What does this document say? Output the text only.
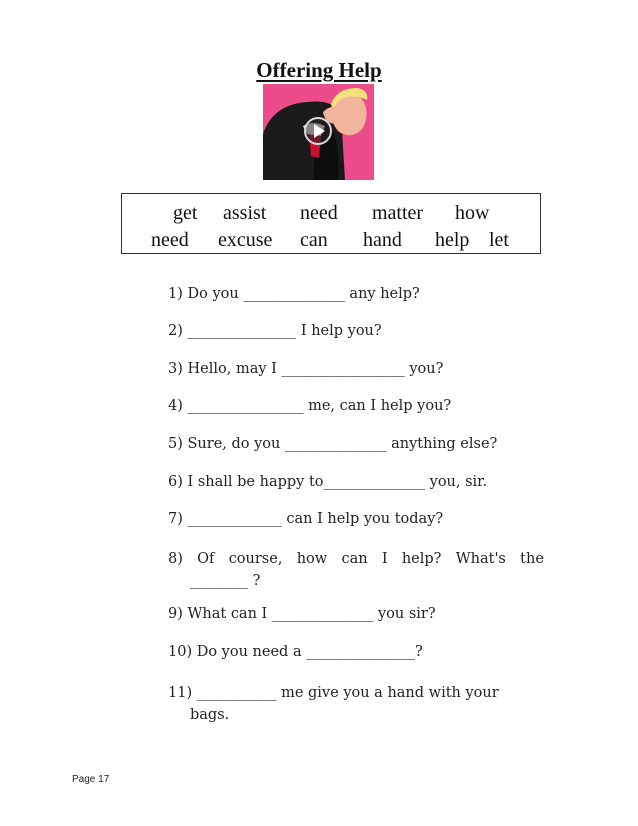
Offering Help
get assist need matter how
need excuse can hand help let
1) Do you ______________ any help?
2) _______________ I help you?
3) Hello, may I _________________ you?
4) ________________ me, can I help you?
5) Sure, do you ______________ anything else?
6) I shall be happy to______________ you, sir.
7) _____________ can I help you today?
8) Of course, how can I help? What's the
________ ?
9) What can I ______________ you sir?
10) Do you need a _______________?
11) ___________ me give you a hand with your
bags.
Page 17
